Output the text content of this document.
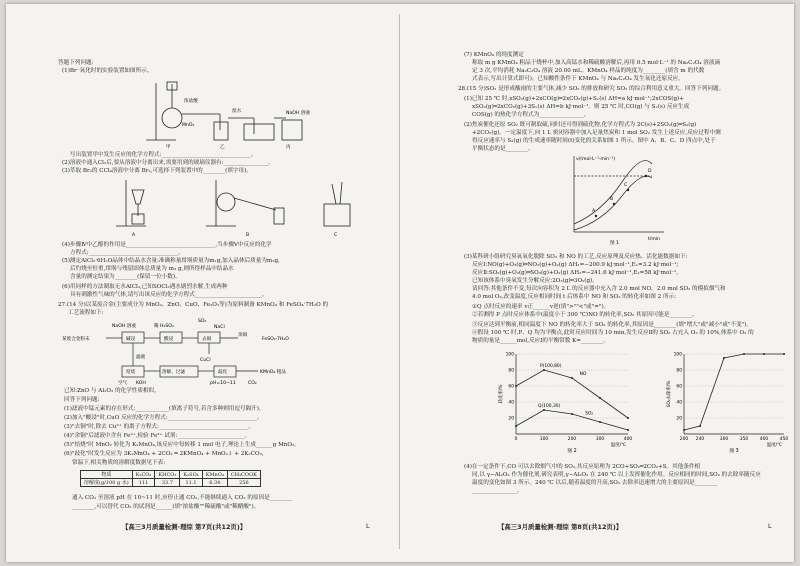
答题下列问题:
(1)Br⁻氧化时的实验装置如图所示。
浓盐酸
MnO₂
溴水	NaOH 溶液
甲	乙	丙
写出装置甲中发生反应的化学方程式:________________________________。
(2)溶液中通入Cl₂后,要从溶液中分离出来,需要用到的玻璃仪器有:________________。
(3)萃取 Br₂的 CCl₄溶液中分离 Br₂,可选择下列装置中的________(填字母)。
A	B	C
(4)步骤Ⅳ中乙醇的作用是________________________________,当步骤Ⅴ中反应的化学
方程式:________________________________。
(5)测定AlCl₃·6H₂O晶体中结晶水含量:准确称量坩埚质量为m₁g,加入晶体后质量为m₂g,
后灼烧至恒重,坩埚与残留固体总质量为 m₃ g,则所得样品中结晶水
含量的测定结果为________(保留一位小数)。
(6)用同样的方法制取无水AlCl₃,已知SOCl₂遇水剧烈水解,生成两种
具有刺激性气味的气体,请写出该反应的化学方程式________________________。
27.(14 分)以某废合金(主要成分为 MnO₂、ZnO、CuO、Fe₂O₃等)为原料制备 KMnO₄ 和 FeSO₄·7H₂O 的
工艺流程如下:
某废合金粉末
NaOH 溶液	稀 H₂SO₄
SO₂
NaCl
碱浸	酸浸	去铜
余铜
FeSO₄·7H₂O
CuCl
滤液
焙烧	溶解、过滤	歧化	KMnO₄ 粗品
空气 KOH	pH=10~11	CO₂
已知:ZnO 与 Al₂O₃ 的化学性质相似。
回答下列问题:
(1)滤液中锰元素的存在形式:____________(填离子符号,若含多种则用逗号隔开)。
(2)加入"酸浸"时,CuO 反应的化学方程式:________________________________。
(3)"去铜"时,除去 Cu²⁺ 的离子方程式:________________________________。
(4)"余铜"后滤液中含有 Fe²⁺,检验 Fe³⁺ 试剂:________________________。
(5)"焙烧"时 MnO₂ 转化为 K₂MnO₄,该反应中每转移 1 mol 电子,理论上生成______g MnO₂。
(6)"歧化"时发生反应为 3K₂MnO₄ + 2CO₂ ═ 2KMnO₄ + MnO₂↓ + 2K₂CO₃,
常温下,相关物质的溶解度数据见下表:
物质	K₂CO₃	KHCO₃	K₂SO₄	KMnO₄	CH₃COOK
溶解度(g/100 g 水)	111	33.7	11.1	6.34	256
通入 CO₂ 至溶液 pH 在 10~11 时,应停止通 CO₂,不能继续通入 CO₂ 的原因是________
________,可以替代 CO₂ 的试剂是______(填"浓盐酸""稀硫酸"或"稀醋酸")。
【高三3月质量检测·理综 第7页(共12页)】	L
(7) KMnO₄ 的纯度测定
称取 m g KMnO₄ 粗品于烧杯中,加入高锰水和稀硫酸溶解后,再用 0.5 mol·L⁻¹ 的 Na₂C₂O₄ 溶液滴
定 3 次,平均消耗 Na₂C₂O₄ 溶液 20.00 mL。KMnO₄ 样品的纯度为________(填含 m 的代数
式表示,写出计算式即可)。已知酸性条件下 KMnO₄ 与 Na₂C₂O₄ 发生氧化还原反应。
28.(15 分)SO₂ 是形成酸雨的主要气体,减少 SO₂ 的排放和研究 SO₂ 的综合利用意义重大。回答下列问题。
(1)已知 25 ℃ 时,xSO₂(g)+2xCO(g)═2xCO₂(g)+Sₓ(s) ΔH=a kJ·mol⁻¹;2xCOS(g)+
xSO₂(g)═2xCO₂(g)+3Sₓ(s) ΔH=b kJ·mol⁻¹。则 25 ℃ 时,CO(g) 与 Sₓ(s) 反应生成
COS(g) 的热化学方程式为________________。
(2)焦炭催化还原 SO₂ 既可制取硫,同时还可得到硫化物,化学方程式为 2C(s)+2SO₂(g)═S₂(g)
+2CO₂(g)。一定温度下,向 1 L 密闭容器中加入足量焦炭和 1 mol SO₂ 发生上述反应,反应过程中测
得反应速率与 S₂(g) 的生成速率随时间(t)变化的关系如图 1 所示。图中 A、B、C、D 四点中,处于
平衡状态的是________。
A
B
C
D
v/(mol·L⁻¹·min⁻¹)
t/min
图 1
(3)某科研小组研究臭氧氧化脱除 SO₂ 和 NO 的工艺,反应原理及反应热、活化能数据如下:
反应Ⅰ:NO(g)+O₃(g)═NO₂(g)+O₂(g) ΔH₁=−200.9 kJ·mol⁻¹,E₁=3.2 kJ·mol⁻¹;
反应Ⅱ:SO₂(g)+O₃(g)═SO₃(g)+O₂(g) ΔH₂=−241.6 kJ·mol⁻¹,E₂=58 kJ·mol⁻¹。
已知该体系中臭氧发生分解反应:2O₃(g)═3O₂(g)。
请回答:其他条件不变,每次向容积为 2 L 的反应器中充入含 2.0 mol NO、2.0 mol SO₂ 的模拟烟气和
4.0 mol O₃,改变温度,反应相同时间 t 后体系中 NO 和 SO₂ 的转化率如图 2 所示:
①Q 点时反应的速率 v正______v逆(填">""<"或"=")。
②若测得 P 点时反应体系中(温度小于 300 ℃)NO 的转化率,SO₂ 其原因可能是________。
③反应达到平衡前,相同温度下 NO 的转化率大于 SO₂ 的转化率,其原因是________(填"增大"或"减小"或"不变")。
④假设 100 ℃ 时,P、Q 均为平衡点,此时反应时间为 10 min,发生反应Ⅱ的 SO₂ 占充入 O₃ 的 10%,体系中 O₃ 的
物质的量是______mol,反应Ⅰ的平衡常数 K=________。
20
40
60
80
100
0	100	200	300	400
转化率/%
温度/℃
图 2
P(100,80)
Q(100,30)
NO
SO₂
20
40
60
80
100
200 240	300	350	400	450
SO₂去除率/%
温度/℃
图 3
(4)在一定条件下,CO 可以去除烟气中的 SO₂,其反应原理为 2CO+SO₂═2CO₂+S。其他条件相
同,以 γ−Al₂O₃ 作为催化剂,研究表明,γ−Al₂O₃ 在 240 ℃ 以上发挥催化作用。反应相同的时间,SO₂ 的去除率随反应
温度的变化如图 3 所示。240 ℃ 以后,随着温度的升高,SO₂ 去除率迅速增大的主要原因是________
________________。
【高三3月质量检测·理综 第8页(共12页)】	L
